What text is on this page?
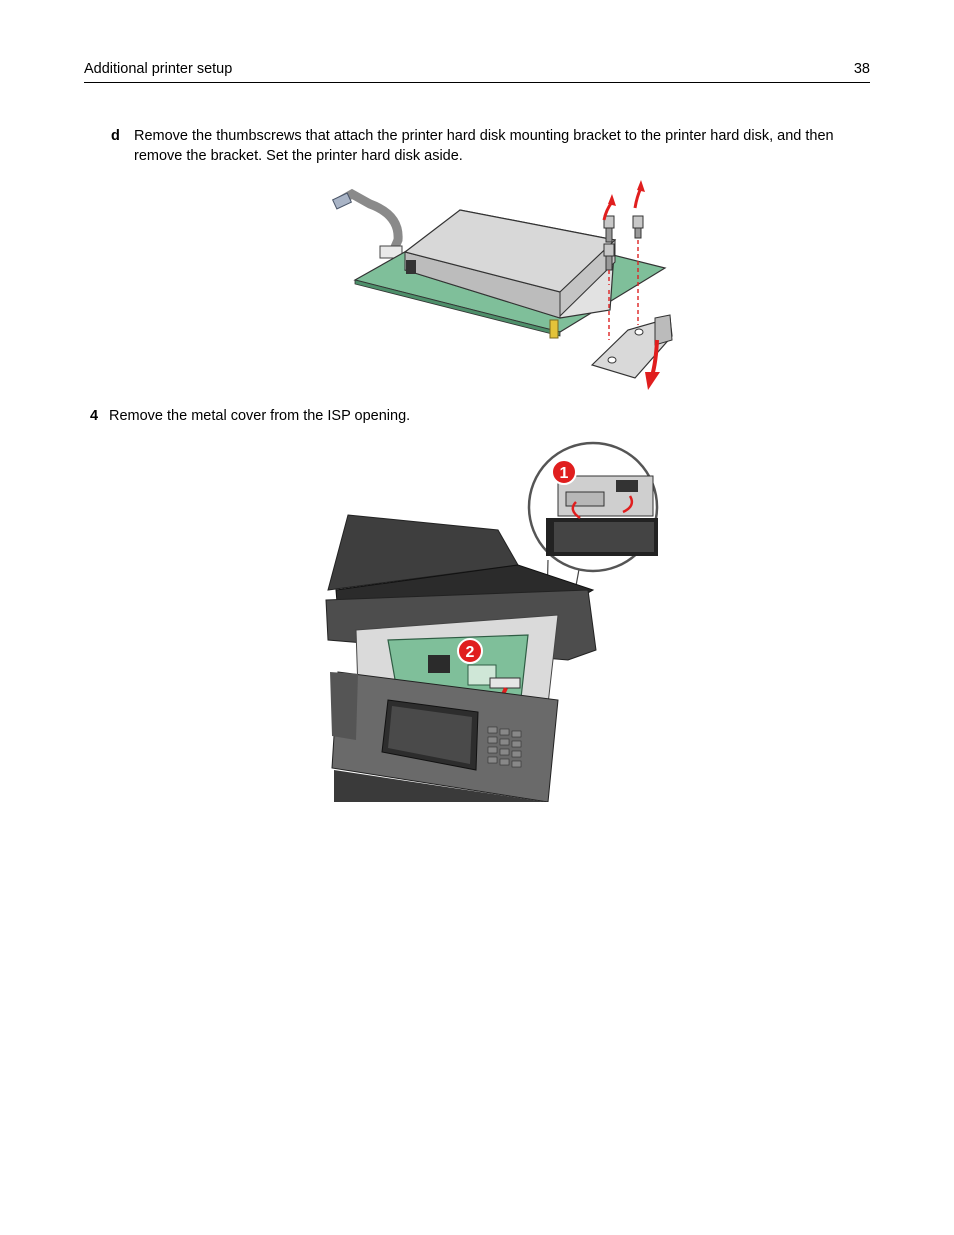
Additional printer setup	38
d Remove the thumbscrews that attach the printer hard disk mounting bracket to the printer hard disk, and then remove the bracket. Set the printer hard disk aside.
4 Remove the metal cover from the ISP opening.
1
2
